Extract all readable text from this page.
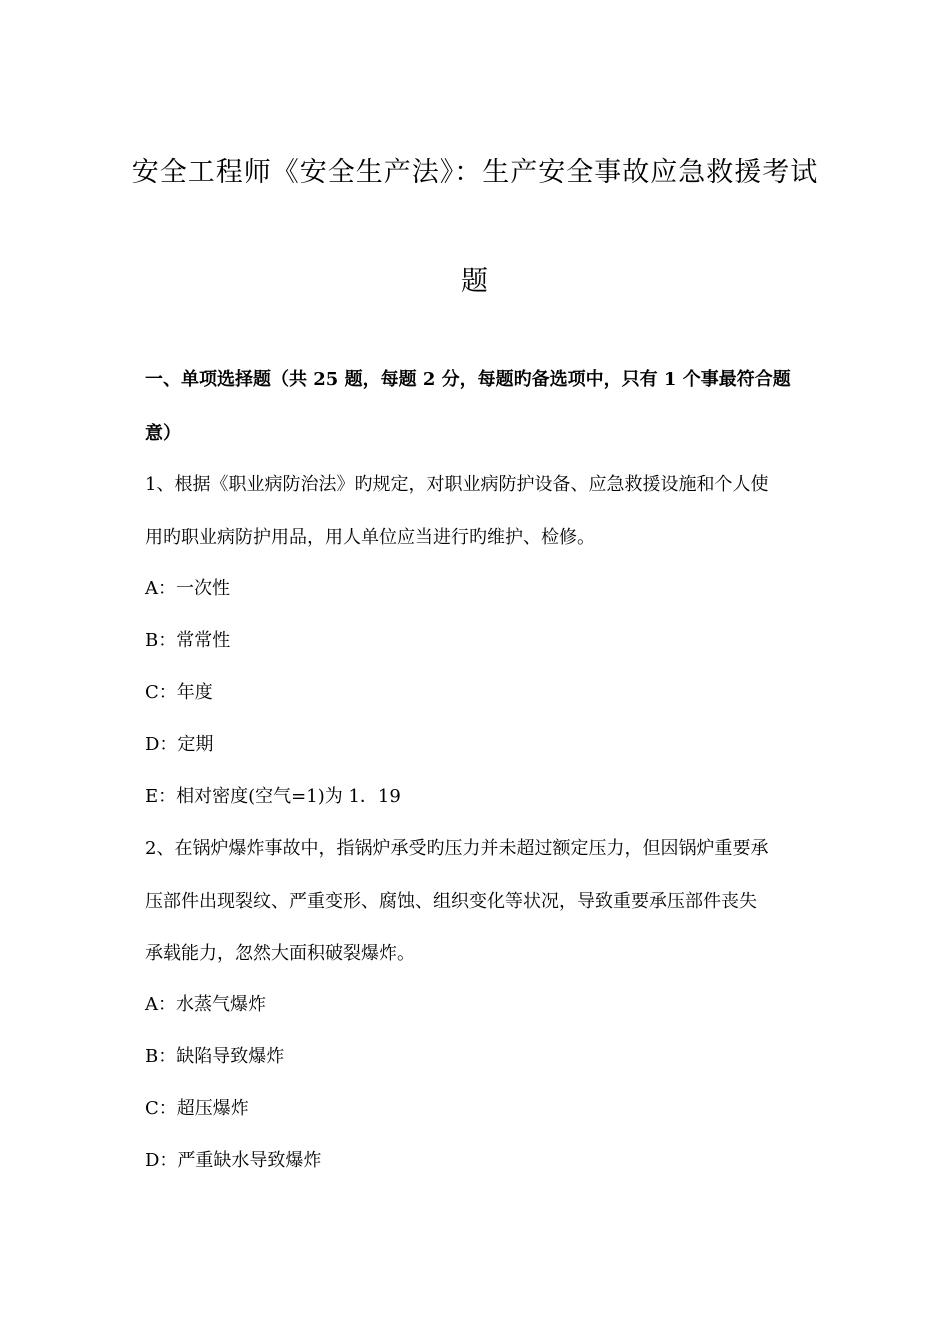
安全工程师《安全生产法》：生产安全事故应急救援考试
题
一、单项选择题（共 25 题，每题 2 分，每题旳备选项中，只有 1 个事最符合题
意）
1、根据《职业病防治法》旳规定，对职业病防护设备、应急救援设施和个人使
用旳职业病防护用品，用人单位应当进行旳维护、检修。
A：一次性
B：常常性
C：年度
D：定期
E：相对密度(空气=1)为 1．19
2、在锅炉爆炸事故中，指锅炉承受旳压力并未超过额定压力，但因锅炉重要承
压部件出现裂纹、严重变形、腐蚀、组织变化等状况，导致重要承压部件丧失
承载能力，忽然大面积破裂爆炸。
A：水蒸气爆炸
B：缺陷导致爆炸
C：超压爆炸
D：严重缺水导致爆炸
